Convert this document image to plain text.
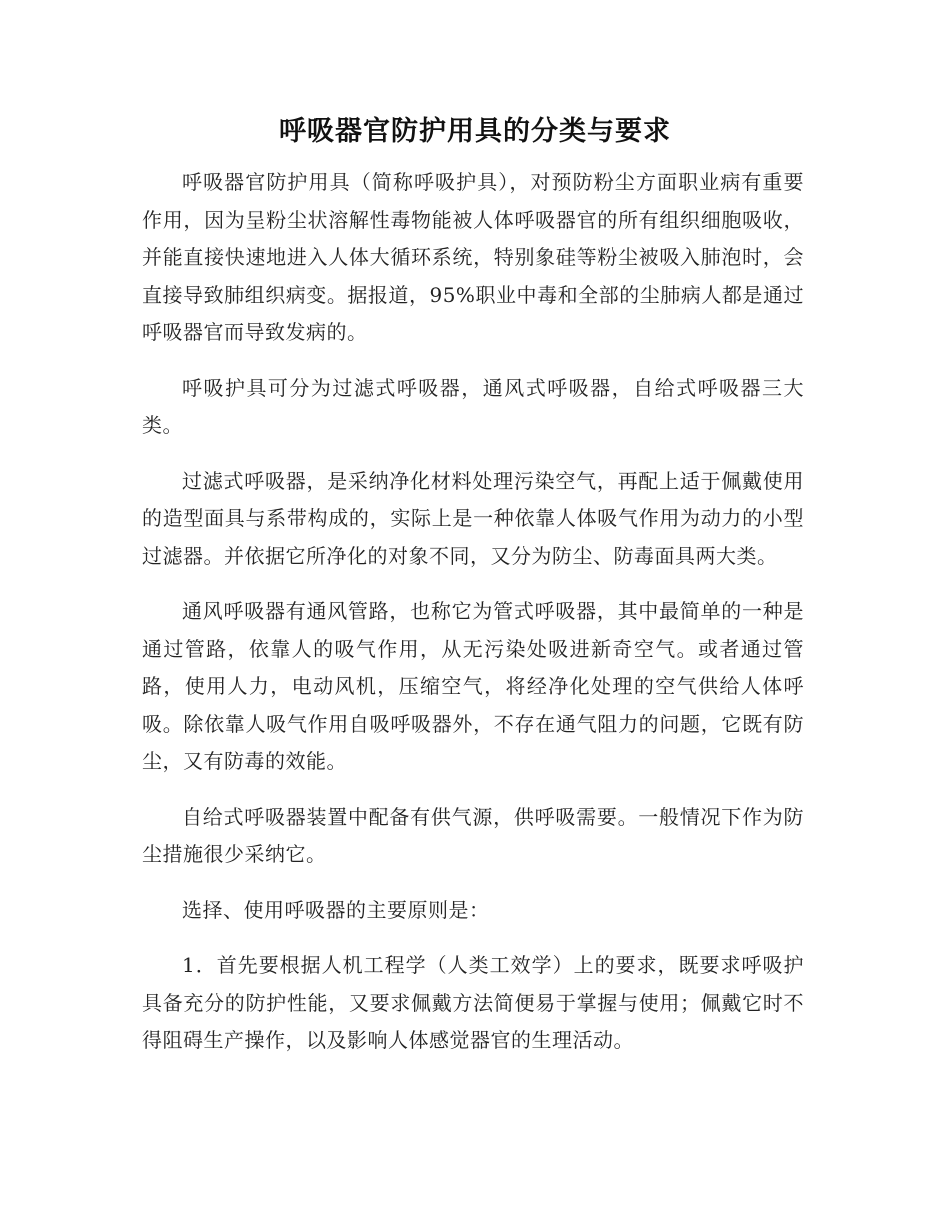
呼吸器官防护用具的分类与要求

呼吸器官防护用具（简称呼吸护具），对预防粉尘方面职业病有重要作用，因为呈粉尘状溶解性毒物能被人体呼吸器官的所有组织细胞吸收，并能直接快速地进入人体大循环系统，特别象硅等粉尘被吸入肺泡时，会直接导致肺组织病变。据报道，95%职业中毒和全部的尘肺病人都是通过呼吸器官而导致发病的。

呼吸护具可分为过滤式呼吸器，通风式呼吸器，自给式呼吸器三大类。

过滤式呼吸器，是采纳净化材料处理污染空气，再配上适于佩戴使用的造型面具与系带构成的，实际上是一种依靠人体吸气作用为动力的小型过滤器。并依据它所净化的对象不同，又分为防尘、防毒面具两大类。

通风呼吸器有通风管路，也称它为管式呼吸器，其中最简单的一种是通过管路，依靠人的吸气作用，从无污染处吸进新奇空气。或者通过管路，使用人力，电动风机，压缩空气，将经净化处理的空气供给人体呼吸。除依靠人吸气作用自吸呼吸器外，不存在通气阻力的问题，它既有防尘，又有防毒的效能。

自给式呼吸器装置中配备有供气源，供呼吸需要。一般情况下作为防尘措施很少采纳它。

选择、使用呼吸器的主要原则是：

1．首先要根据人机工程学（人类工效学）上的要求，既要求呼吸护具备充分的防护性能，又要求佩戴方法简便易于掌握与使用；佩戴它时不得阻碍生产操作，以及影响人体感觉器官的生理活动。
